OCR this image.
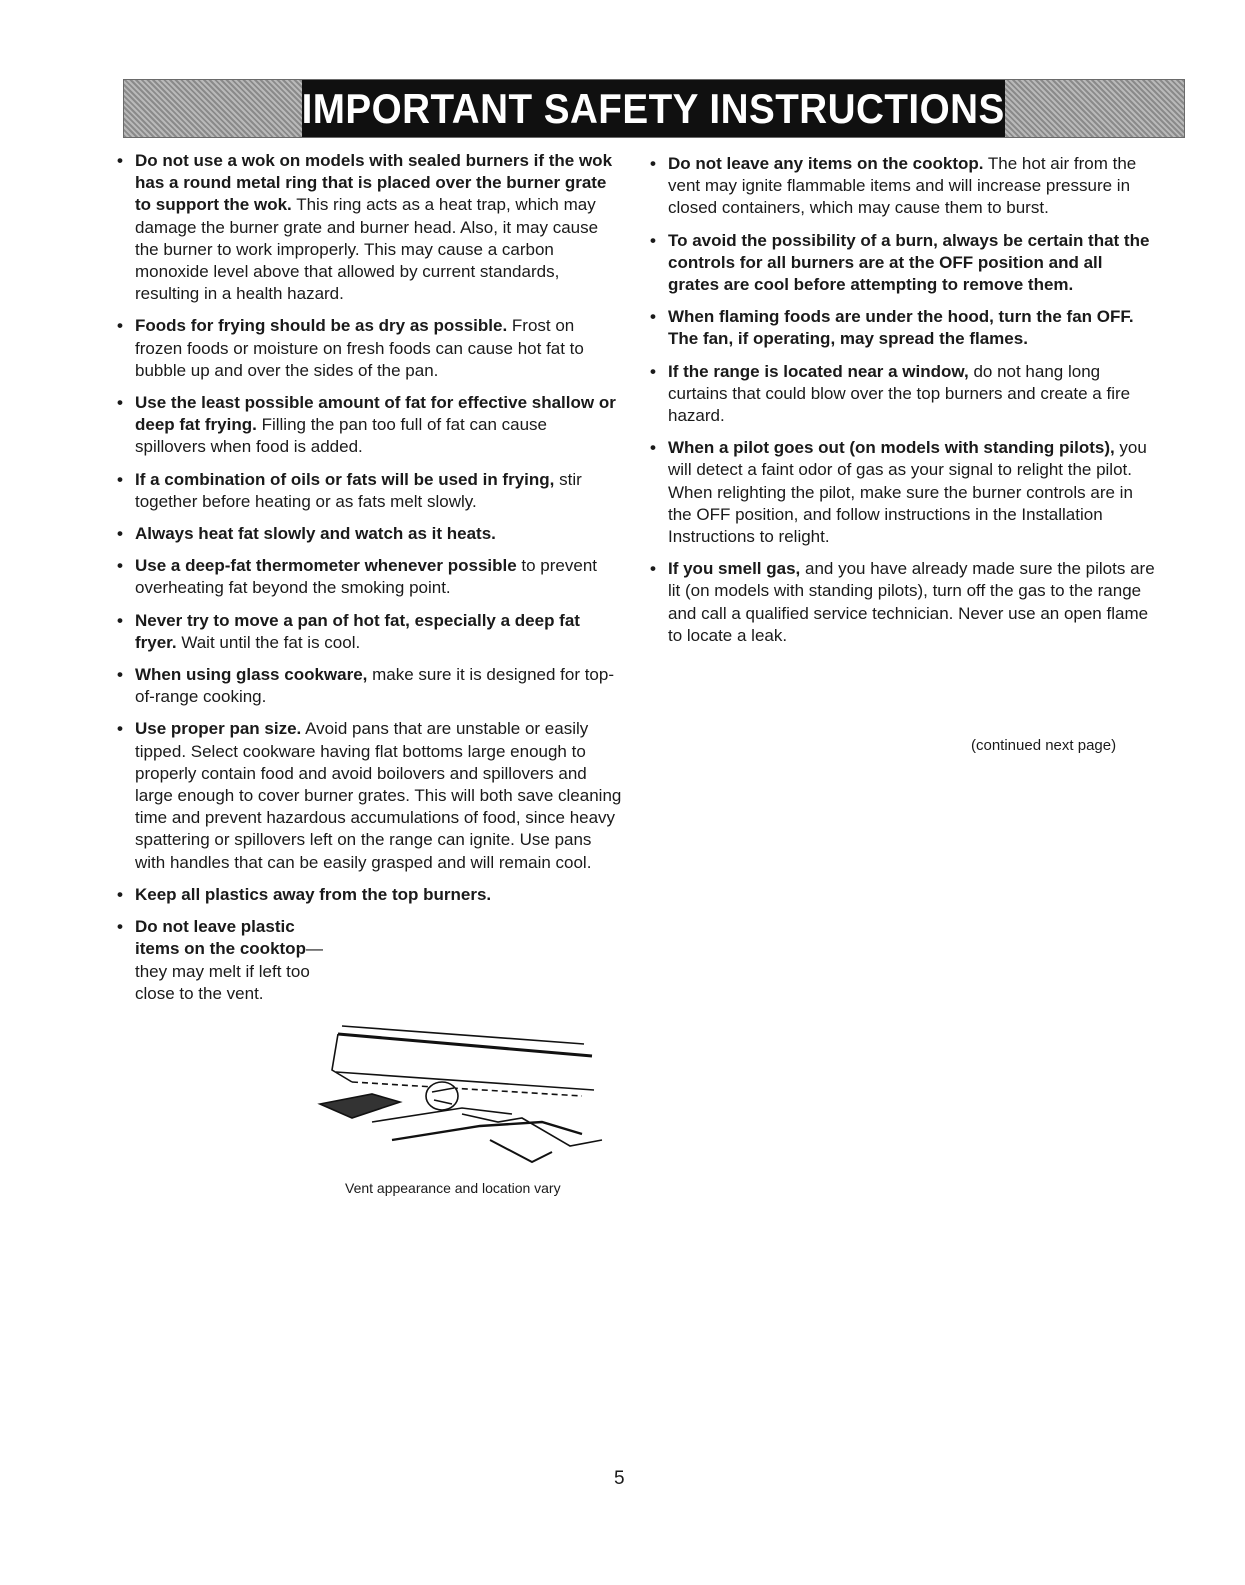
IMPORTANT SAFETY INSTRUCTIONS
• Do not use a wok on models with sealed burners if the wok has a round metal ring that is placed over the burner grate to support the wok. This ring acts as a heat trap, which may damage the burner grate and burner head. Also, it may cause the burner to work improperly. This may cause a carbon monoxide level above that allowed by current standards, resulting in a health hazard.
• Foods for frying should be as dry as possible. Frost on frozen foods or moisture on fresh foods can cause hot fat to bubble up and over the sides of the pan.
• Use the least possible amount of fat for effective shallow or deep fat frying. Filling the pan too full of fat can cause spillovers when food is added.
• If a combination of oils or fats will be used in frying, stir together before heating or as fats melt slowly.
• Always heat fat slowly and watch as it heats.
• Use a deep-fat thermometer whenever possible to prevent overheating fat beyond the smoking point.
• Never try to move a pan of hot fat, especially a deep fat fryer. Wait until the fat is cool.
• When using glass cookware, make sure it is designed for top-of-range cooking.
• Use proper pan size. Avoid pans that are unstable or easily tipped. Select cookware having flat bottoms large enough to properly contain food and avoid boilovers and spillovers and large enough to cover burner grates. This will both save cleaning time and prevent hazardous accumulations of food, since heavy spattering or spillovers left on the range can ignite. Use pans with handles that can be easily grasped and will remain cool.
• Keep all plastics away from the top burners.
• Do not leave plastic items on the cooktop—they may melt if left too close to the vent.
Vent appearance and location vary
• Do not leave any items on the cooktop. The hot air from the vent may ignite flammable items and will increase pressure in closed containers, which may cause them to burst.
• To avoid the possibility of a burn, always be certain that the controls for all burners are at the OFF position and all grates are cool before attempting to remove them.
• When flaming foods are under the hood, turn the fan OFF. The fan, if operating, may spread the flames.
• If the range is located near a window, do not hang long curtains that could blow over the top burners and create a fire hazard.
• When a pilot goes out (on models with standing pilots), you will detect a faint odor of gas as your signal to relight the pilot. When relighting the pilot, make sure the burner controls are in the OFF position, and follow instructions in the Installation Instructions to relight.
• If you smell gas, and you have already made sure the pilots are lit (on models with standing pilots), turn off the gas to the range and call a qualified service technician. Never use an open flame to locate a leak.
(continued next page)
5
